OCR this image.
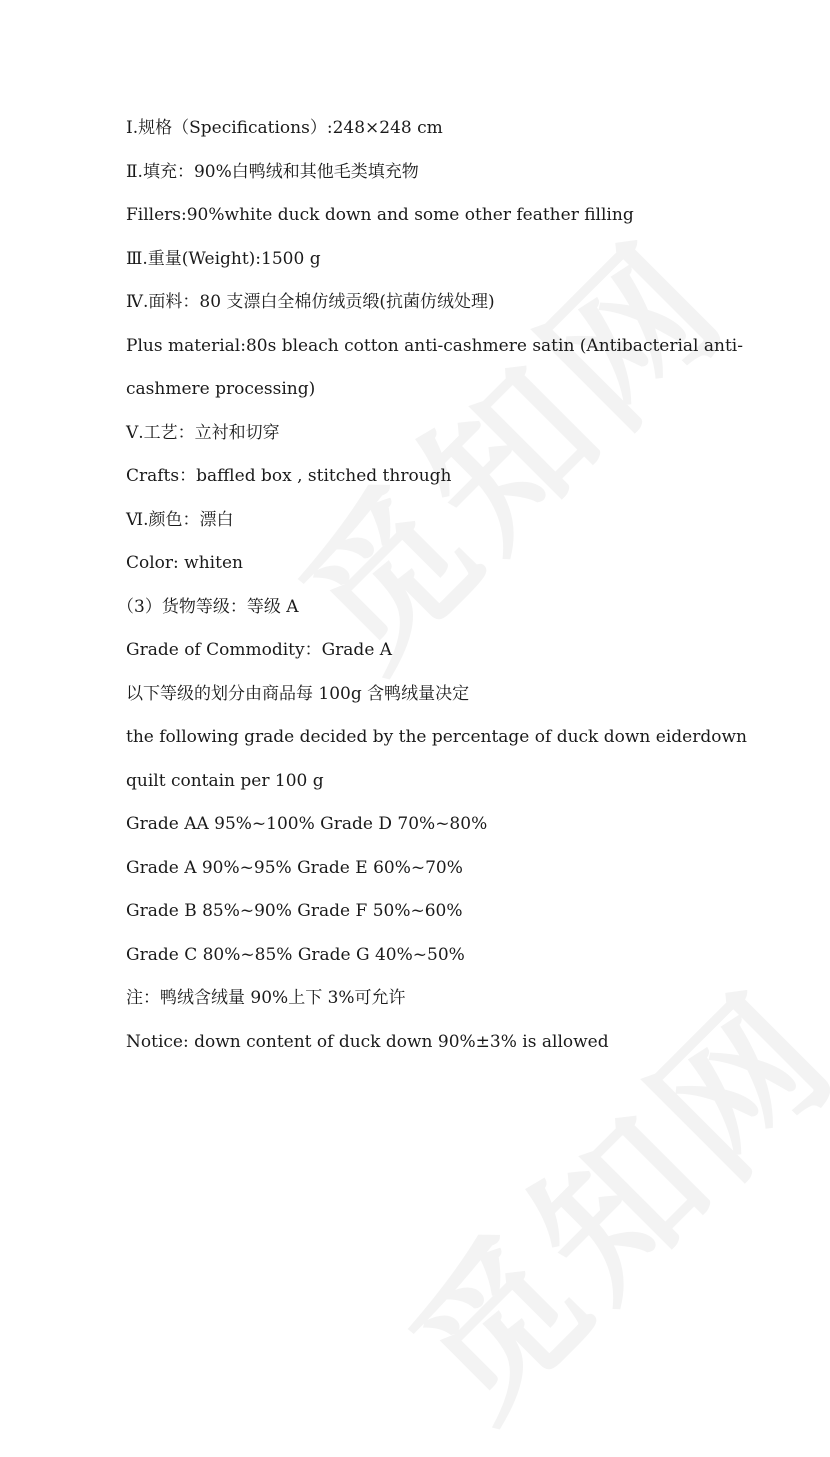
Ⅰ.规格（Specifications）:248×248 cm
Ⅱ.填充：90%白鸭绒和其他毛类填充物
Fillers:90%white duck down and some other feather filling
Ⅲ.重量(Weight):1500 g
Ⅳ.面料：80 支漂白全棉仿绒贡缎(抗菌仿绒处理)
Plus material:80s bleach cotton anti-cashmere satin (Antibacterial anti-
cashmere processing)
Ⅴ.工艺：立衬和切穿
Crafts：baffled box , stitched through
Ⅵ.颜色：漂白
Color: whiten
（3）货物等级：等级 A
Grade of Commodity：Grade A
以下等级的划分由商品每 100g 含鸭绒量决定
the following grade decided by the percentage of duck down eiderdown
quilt contain per 100 g
Grade AA 95%~100% Grade D 70%~80%
Grade A 90%~95% Grade E 60%~70%
Grade B 85%~90% Grade F 50%~60%
Grade C 80%~85% Grade G 40%~50%
注：鸭绒含绒量 90%上下 3%可允许
Notice: down content of duck down 90%±3% is allowed
